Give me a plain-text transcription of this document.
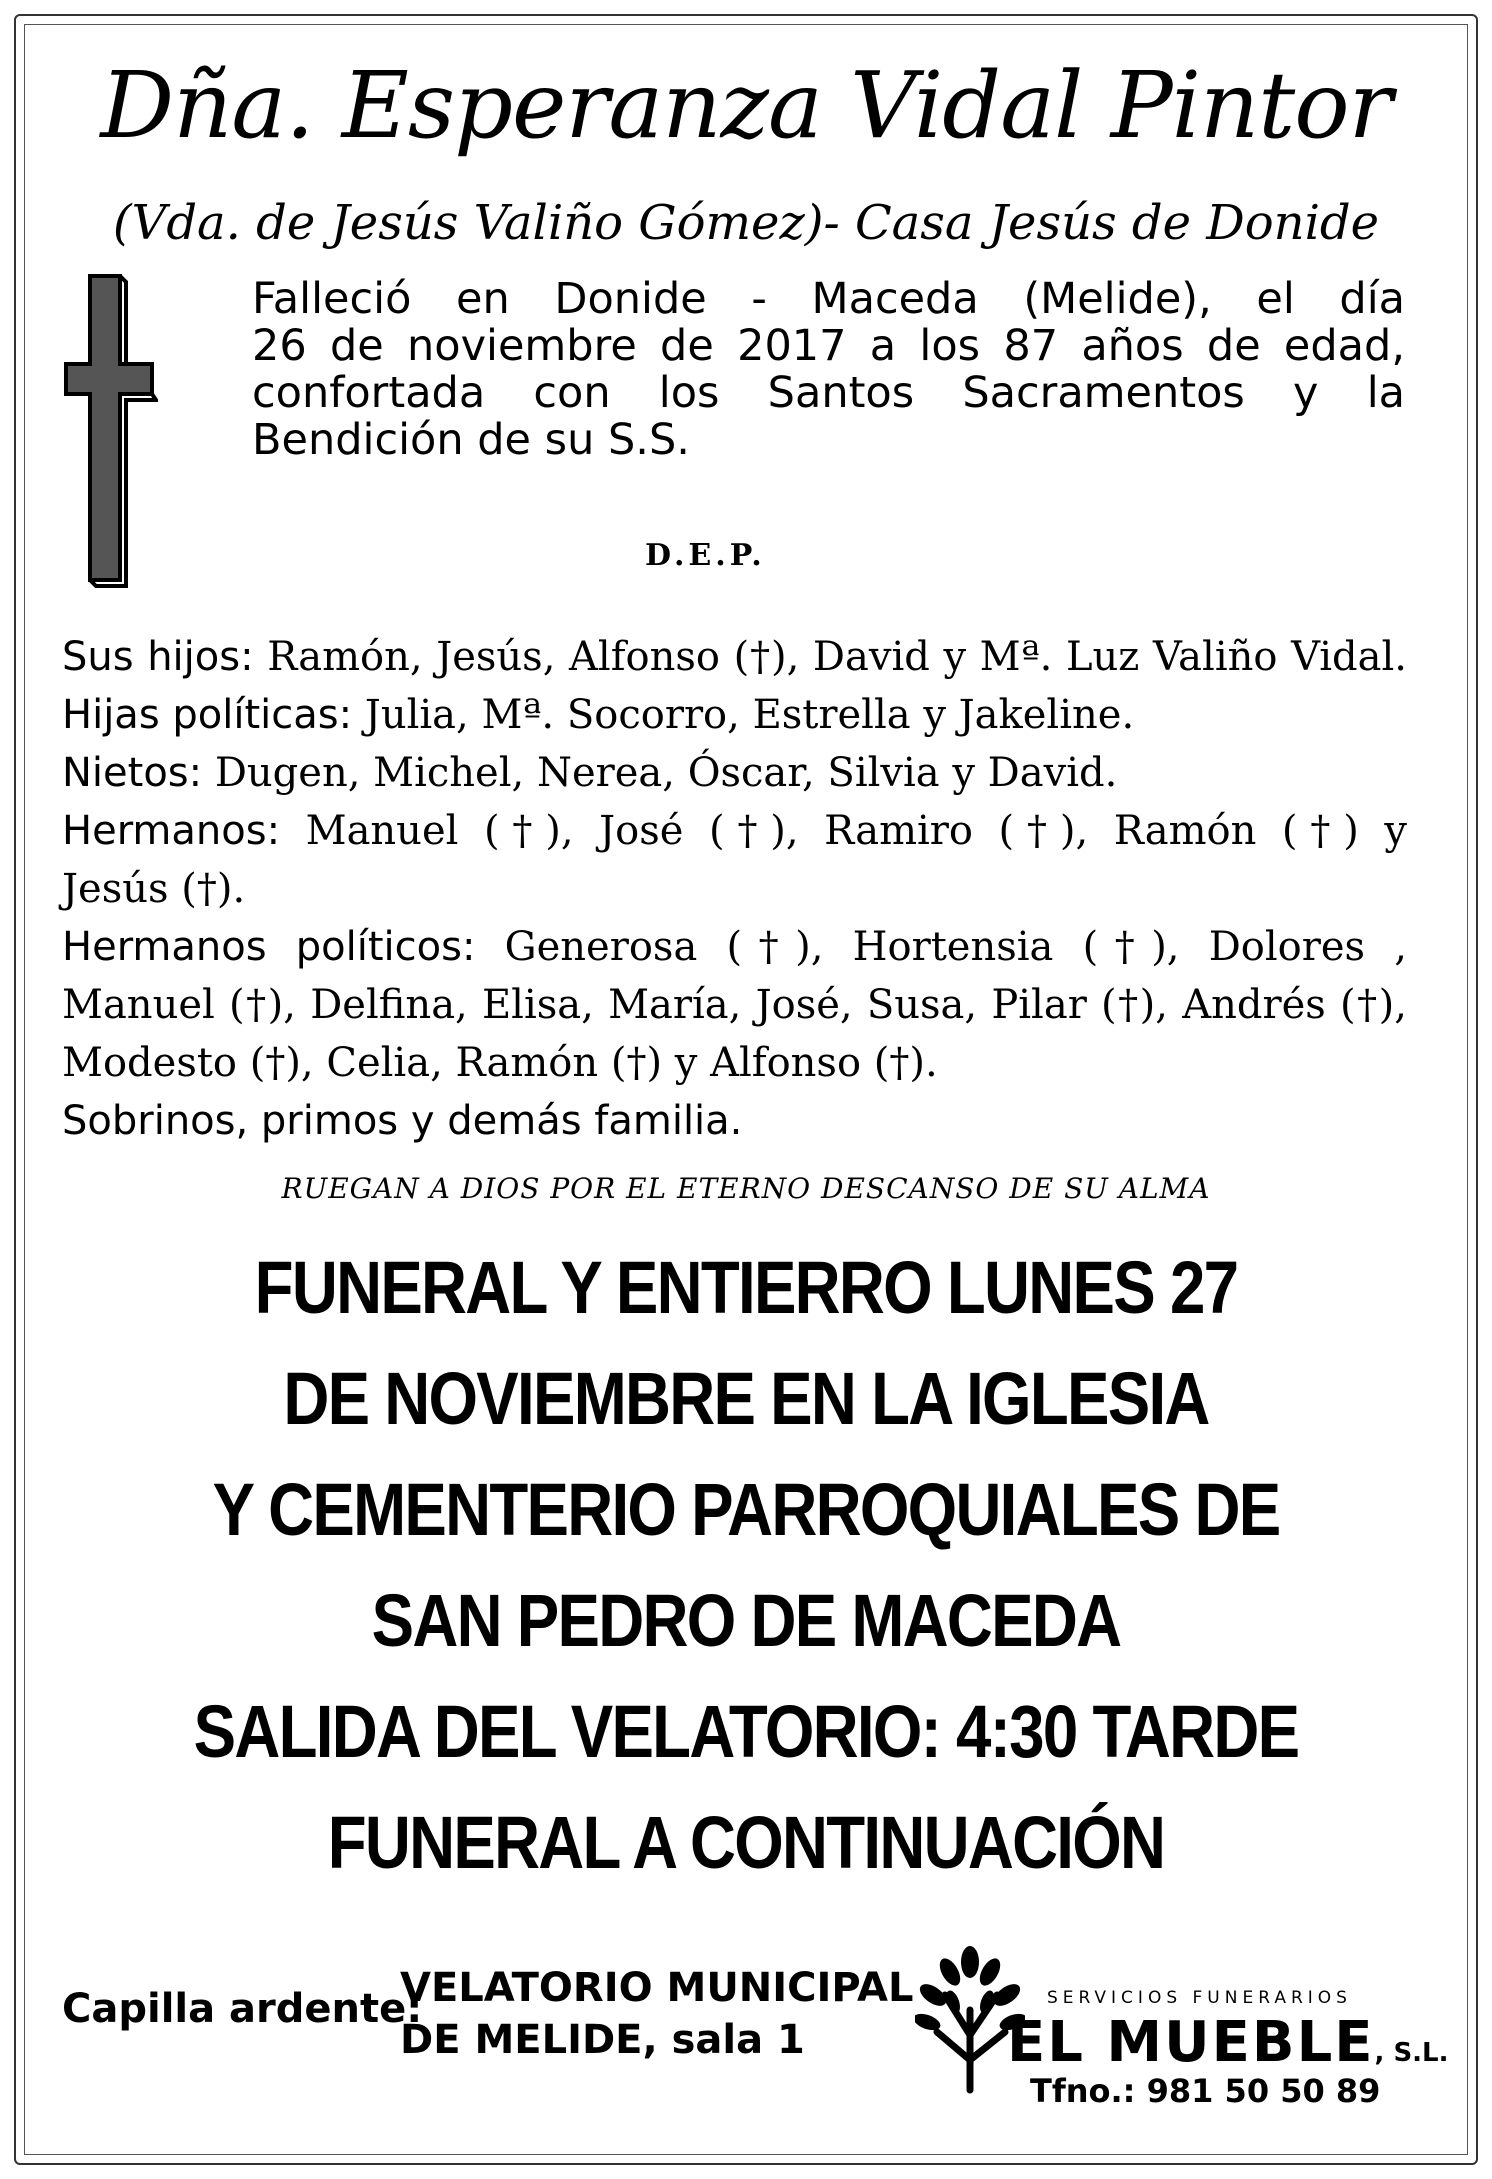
Dña. Esperanza Vidal Pintor
(Vda. de Jesús Valiño Gómez)- Casa Jesús de Donide
Falleció en Donide - Maceda (Melide), el día
26 de noviembre de 2017 a los 87 años de edad,
confortada con los Santos Sacramentos y la
Bendición de su S.S.
D.E.P.
Sus hijos: Ramón, Jesús, Alfonso (†), David y Mª. Luz Valiño Vidal.
Hijas políticas: Julia, Mª. Socorro, Estrella y Jakeline.
Nietos: Dugen, Michel, Nerea, Óscar, Silvia y David.
Hermanos: Manuel (†), José (†), Ramiro (†), Ramón (†) y
Jesús (†).
Hermanos políticos: Generosa (†), Hortensia (†), Dolores ,
Manuel (†), Delfina, Elisa, María, José, Susa, Pilar (†), Andrés (†),
Modesto (†), Celia, Ramón (†) y Alfonso (†).
Sobrinos, primos y demás familia.
RUEGAN A DIOS POR EL ETERNO DESCANSO DE SU ALMA
FUNERAL Y ENTIERRO LUNES 27
DE NOVIEMBRE EN LA IGLESIA
Y CEMENTERIO PARROQUIALES DE
SAN PEDRO DE MACEDA
SALIDA DEL VELATORIO: 4:30 TARDE
FUNERAL A CONTINUACIÓN
Capilla ardente:
VELATORIO MUNICIPAL
DE MELIDE, sala 1
SERVICIOS FUNERARIOS
EL MUEBLE, S.L.
Tfno.: 981 50 50 89
